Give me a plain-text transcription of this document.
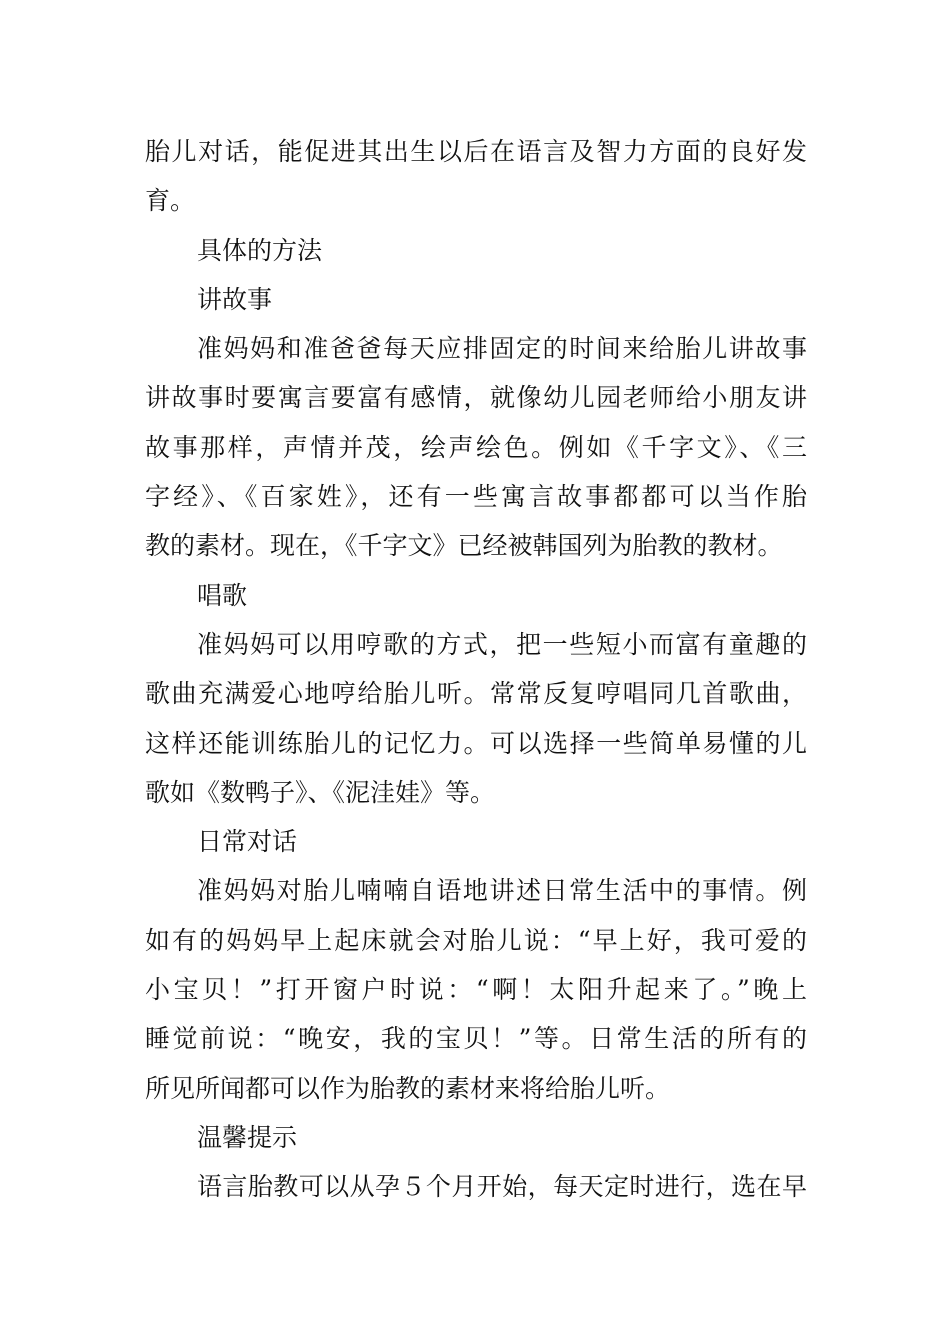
胎儿对话，能促进其出生以后在语言及智力方面的良好发
育。
具体的方法
讲故事
准妈妈和准爸爸每天应排固定的时间来给胎儿讲故事
讲故事时要寓言要富有感情，就像幼儿园老师给小朋友讲
故事那样，声情并茂，绘声绘色。例如《千字文》、《三
字经》、《百家姓》，还有一些寓言故事都都可以当作胎
教的素材。现在，《千字文》已经被韩国列为胎教的教材。
唱歌
准妈妈可以用哼歌的方式，把一些短小而富有童趣的
歌曲充满爱心地哼给胎儿听。常常反复哼唱同几首歌曲，
这样还能训练胎儿的记忆力。可以选择一些简单易懂的儿
歌如《数鸭子》、《泥洼娃》等。
日常对话
准妈妈对胎儿喃喃自语地讲述日常生活中的事情。例
如有的妈妈早上起床就会对胎儿说：“早上好，我可爱的
小宝贝！”打开窗户时说：“啊！太阳升起来了。”晚上
睡觉前说：“晚安，我的宝贝！”等。日常生活的所有的
所见所闻都可以作为胎教的素材来将给胎儿听。
温馨提示
语言胎教可以从孕５个月开始，每天定时进行，选在早
